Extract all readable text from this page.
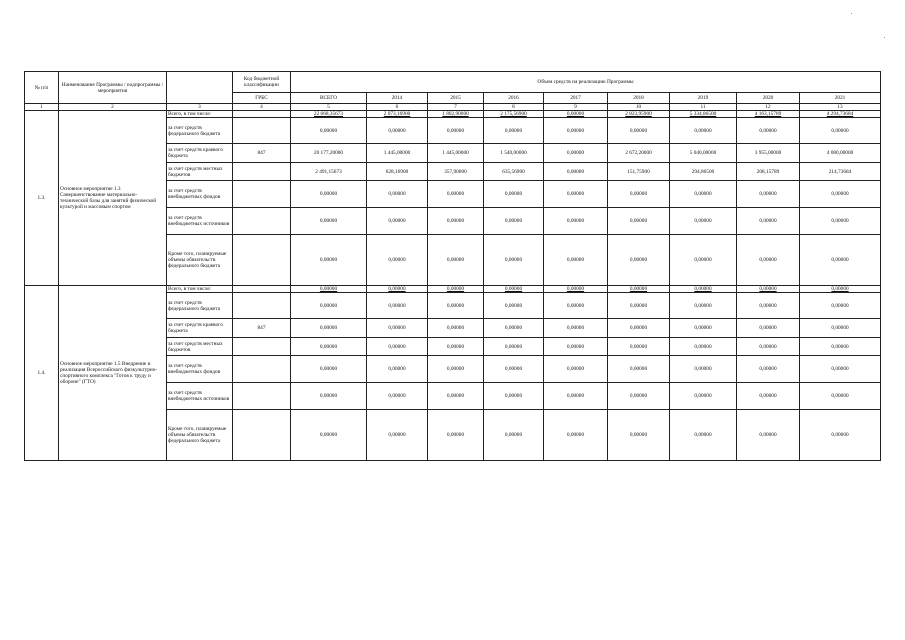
№ п/п	Наименование Программы / подпрограммы / мероприятия		Код бюджетной классификации	Объем средств на реализацию Программы								
			ГРБС	ВСЕГО	2014	2015	2016	2017	2018	2019	2020	2021
1	2	3	4	5	6	7	8	9	10	11	12	13
1.3.	Основное мероприятие 1.3 Совершенствование материально-технической базы для занятий физической культурой и массовым спортом	Всего, в том числе:		22 668,35673	2 073,16900	1 802,90000	2 175,56900	0,00000	2 823,95900	5 334,86500	4 163,15789	4 294,73684
		за счет средств федерального бюджета		0,00000	0,00000	0,00000	0,00000	0,00000	0,00000	0,00000	0,00000	0,00000
		за счет средств краевого бюджета	847	20 177,20000	1 445,00000	1 445,00000	1 540,00000	0,00000	2 672,20000	5 040,00000	3 955,00000	4 080,00000
		за счет средств местных бюджетов		2 491,15673	628,16900	357,90000	635,56900	0,00000	151,75900	294,86500	208,15789	214,73684
		за счет средств внебюджетных фондов		0,00000	0,00000	0,00000	0,00000	0,00000	0,00000	0,00000	0,00000	0,00000
		за счет средств внебюджетных источников		0,00000	0,00000	0,00000	0,00000	0,00000	0,00000	0,00000	0,00000	0,00000
		Кроме того, планируемые объемы обязательств федерального бюджета		0,00000	0,00000	0,00000	0,00000	0,00000	0,00000	0,00000	0,00000	0,00000
1.4.	Основное мероприятие 1.5 Внедрение и реализация Всероссийского физкультурно-спортивного комплекса "Готов к труду и обороне" (ГТО)	Всего, в том числе:		0,00000	0,00000	0,00000	0,00000	0,00000	0,00000	0,00000	0,00000	0,00000
		за счет средств федерального бюджета		0,00000	0,00000	0,00000	0,00000	0,00000	0,00000	0,00000	0,00000	0,00000
		за счет средств краевого бюджета	847	0,00000	0,00000	0,00000	0,00000	0,00000	0,00000	0,00000	0,00000	0,00000
		за счет средств местных бюджетов		0,00000	0,00000	0,00000	0,00000	0,00000	0,00000	0,00000	0,00000	0,00000
		за счет средств внебюджетных фондов		0,00000	0,00000	0,00000	0,00000	0,00000	0,00000	0,00000	0,00000	0,00000
		за счет средств внебюджетных источников		0,00000	0,00000	0,00000	0,00000	0,00000	0,00000	0,00000	0,00000	0,00000
		Кроме того, планируемые объемы обязательств федерального бюджета		0,00000	0,00000	0,00000	0,00000	0,00000	0,00000	0,00000	0,00000	0,00000
